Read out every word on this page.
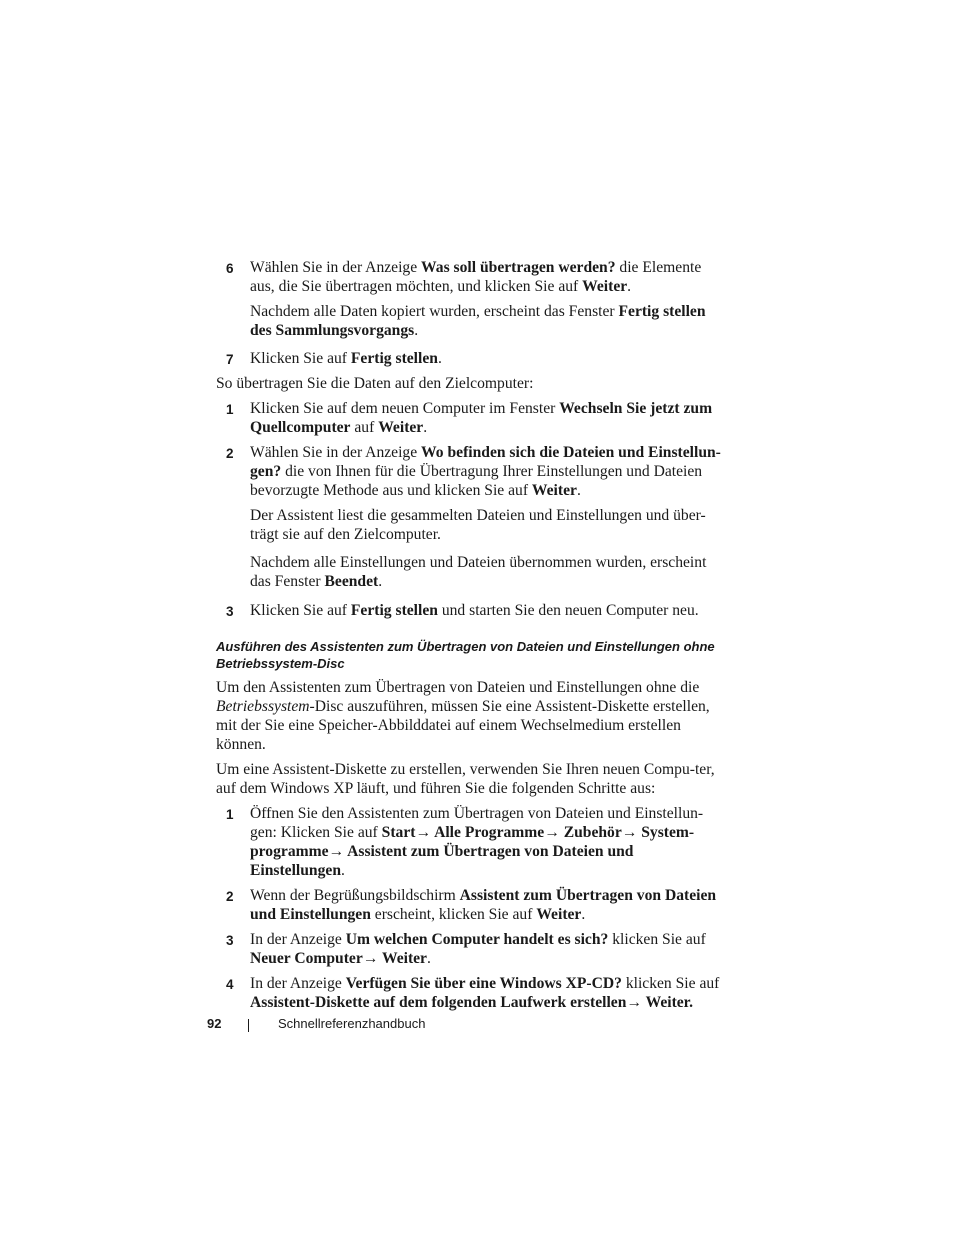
6 Wählen Sie in der Anzeige Was soll übertragen werden? die Elemente aus, die Sie übertragen möchten, und klicken Sie auf Weiter.

Nachdem alle Daten kopiert wurden, erscheint das Fenster Fertig stellen des Sammlungsvorgangs.

7 Klicken Sie auf Fertig stellen.

So übertragen Sie die Daten auf den Zielcomputer:

1 Klicken Sie auf dem neuen Computer im Fenster Wechseln Sie jetzt zum Quellcomputer auf Weiter.

2 Wählen Sie in der Anzeige Wo befinden sich die Dateien und Einstellun-gen? die von Ihnen für die Übertragung Ihrer Einstellungen und Dateien bevorzugte Methode aus und klicken Sie auf Weiter.

Der Assistent liest die gesammelten Dateien und Einstellungen und über-trägt sie auf den Zielcomputer.

Nachdem alle Einstellungen und Dateien übernommen wurden, erscheint das Fenster Beendet.

3 Klicken Sie auf Fertig stellen und starten Sie den neuen Computer neu.

Ausführen des Assistenten zum Übertragen von Dateien und Einstellungen ohne Betriebssystem-Disc

Um den Assistenten zum Übertragen von Dateien und Einstellungen ohne die Betriebssystem-Disc auszuführen, müssen Sie eine Assistent-Diskette erstellen, mit der Sie eine Speicher-Abbilddatei auf einem Wechselmedium erstellen können.

Um eine Assistent-Diskette zu erstellen, verwenden Sie Ihren neuen Compu-ter, auf dem Windows XP läuft, und führen Sie die folgenden Schritte aus:

1 Öffnen Sie den Assistenten zum Übertragen von Dateien und Einstellun-gen: Klicken Sie auf Start→ Alle Programme→ Zubehör→ System-programme→ Assistent zum Übertragen von Dateien und Einstellungen.

2 Wenn der Begrüßungsbildschirm Assistent zum Übertragen von Dateien und Einstellungen erscheint, klicken Sie auf Weiter.

3 In der Anzeige Um welchen Computer handelt es sich? klicken Sie auf Neuer Computer→ Weiter.

4 In der Anzeige Verfügen Sie über eine Windows XP-CD? klicken Sie auf Assistent-Diskette auf dem folgenden Laufwerk erstellen→ Weiter.

92	Schnellreferenzhandbuch
